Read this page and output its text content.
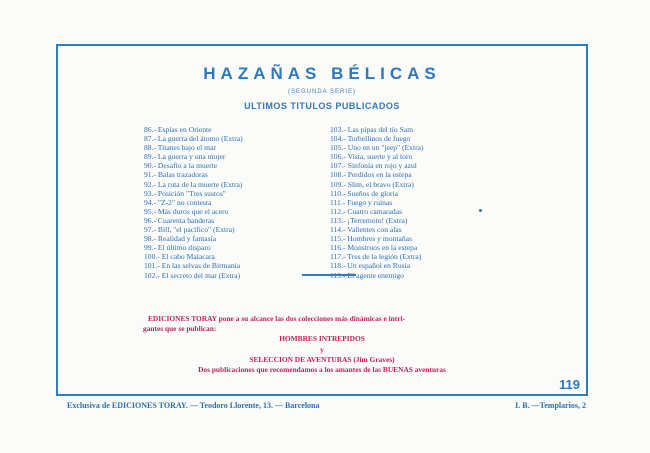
HAZAÑAS BÉLICAS
(SEGUNDA SERIE)
ULTIMOS TITULOS PUBLICADOS
86.- Espías en Oriente
87.- La guerra del átomo (Extra)
88.- Titanes bajo el mar
89.- La guerra y una mujer
90.- Desafío a la muerte
91.- Balas trazadoras
92.- La ruta de la muerte (Extra)
93.- Posición "Tres sustos"
94.- "Z-2" no contesta
95.- Más duros que el acero
96.- Cuarenta banderas
97.- Bill, "el pacífico" (Extra)
98.- Realidad y fantasía
99.- El último disparo
100.- El cabo Malacara
101.- En las selvas de Birmania
102.- El secreto del mar (Extra)
103.- Las pipas del tío Sam
104.- Torbellinos de fuego
105.- Uno en un "jeep" (Extra)
106.- Vista, suerte y al toro
107.- Sinfonía en rojo y azul
108.- Perdidos en la estepa
109.- Slim, el bravo (Extra)
110.- Sueños de gloria
111.- Fuego y ruinas
112.- Cuatro camaradas
113.- ¡Terremoto! (Extra)
114.- Valientes con alas
115.- Hombres y montañas
116.- Monstruos en la estepa
117.- Tres de la legión (Extra)
118.- Un español en Rusia
119.- El agente enemigo
EDICIONES TORAY pone a su alcance las dos colecciones más dinámicas e intri-
gantes que se publican:
HOMBRES INTREPIDOS
y
SELECCION DE AVENTURAS (Jim Graves)
Dos publicaciones que recomendamos a los amantes de las BUENAS aventuras
119
Exclusiva de EDICIONES TORAY. — Teodoro Llorente, 13. — Barcelona	I. B. —Templarios, 2
